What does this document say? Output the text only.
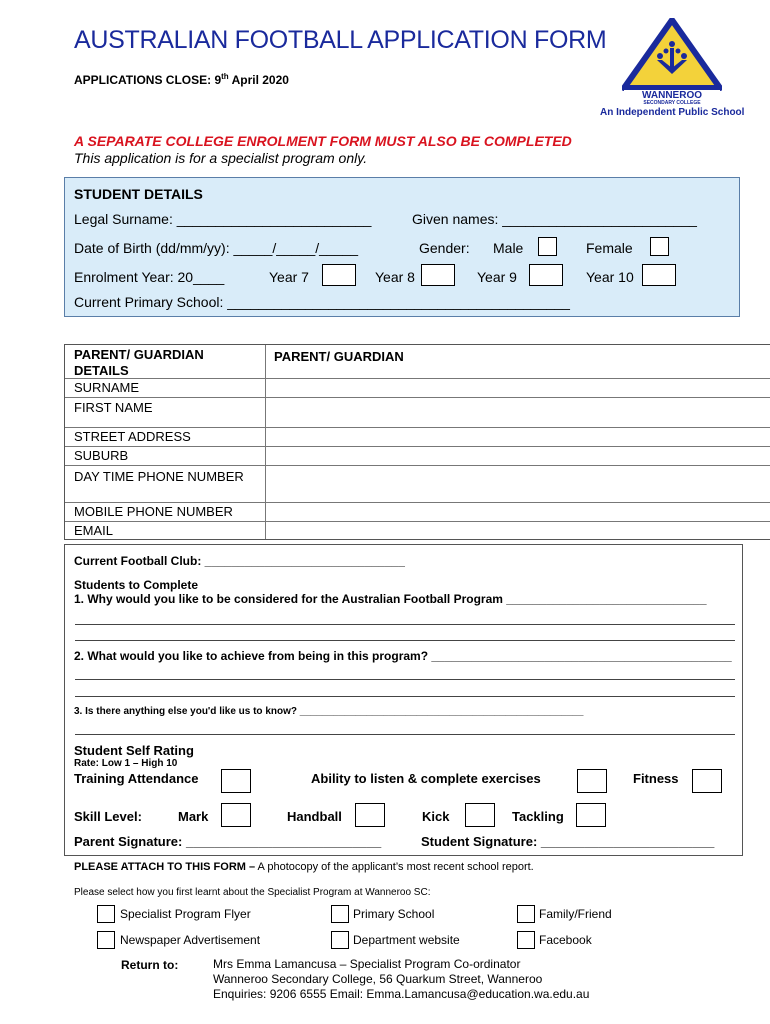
AUSTRALIAN FOOTBALL APPLICATION FORM
APPLICATIONS CLOSE: 9th April 2020
WANNEROO
SECONDARY COLLEGE
An Independent Public School
A SEPARATE COLLEGE ENROLMENT FORM MUST ALSO BE COMPLETED
This application is for a specialist program only.
STUDENT DETAILS
Legal Surname: _________________________	Given names: _________________________
Date of Birth (dd/mm/yy): _____/_____/_____	Gender: Male	Female
Enrolment Year: 20____	Year 7	Year 8	Year 9	Year 10
Current Primary School: ____________________________________________
PARENT/ GUARDIAN DETAILS
PARENT/ GUARDIAN
SURNAME
FIRST NAME
STREET ADDRESS
SUBURB
DAY TIME PHONE NUMBER
MOBILE PHONE NUMBER
EMAIL
Current Football Club: ______________________________
Students to Complete
1. Why would you like to be considered for the Australian Football Program ______________________________
2. What would you like to achieve from being in this program? _____________________________________________
3. Is there anything else you'd like us to know? ___________________________________________________
Student Self Rating
Rate: Low 1 – High 10
Training Attendance	Ability to listen & complete exercises	Fitness
Skill Level:	Mark	Handball	Kick	Tackling
Parent Signature: ___________________________	Student Signature: ________________________
PLEASE ATTACH TO THIS FORM – A photocopy of the applicant’s most recent school report.
Please select how you first learnt about the Specialist Program at Wanneroo SC:
Specialist Program Flyer	Primary School	Family/Friend
Newspaper Advertisement	Department website	Facebook
Return to:	Mrs Emma Lamancusa – Specialist Program Co-ordinator
Wanneroo Secondary College, 56 Quarkum Street, Wanneroo
Enquiries: 9206 6555 Email: Emma.Lamancusa@education.wa.edu.au
